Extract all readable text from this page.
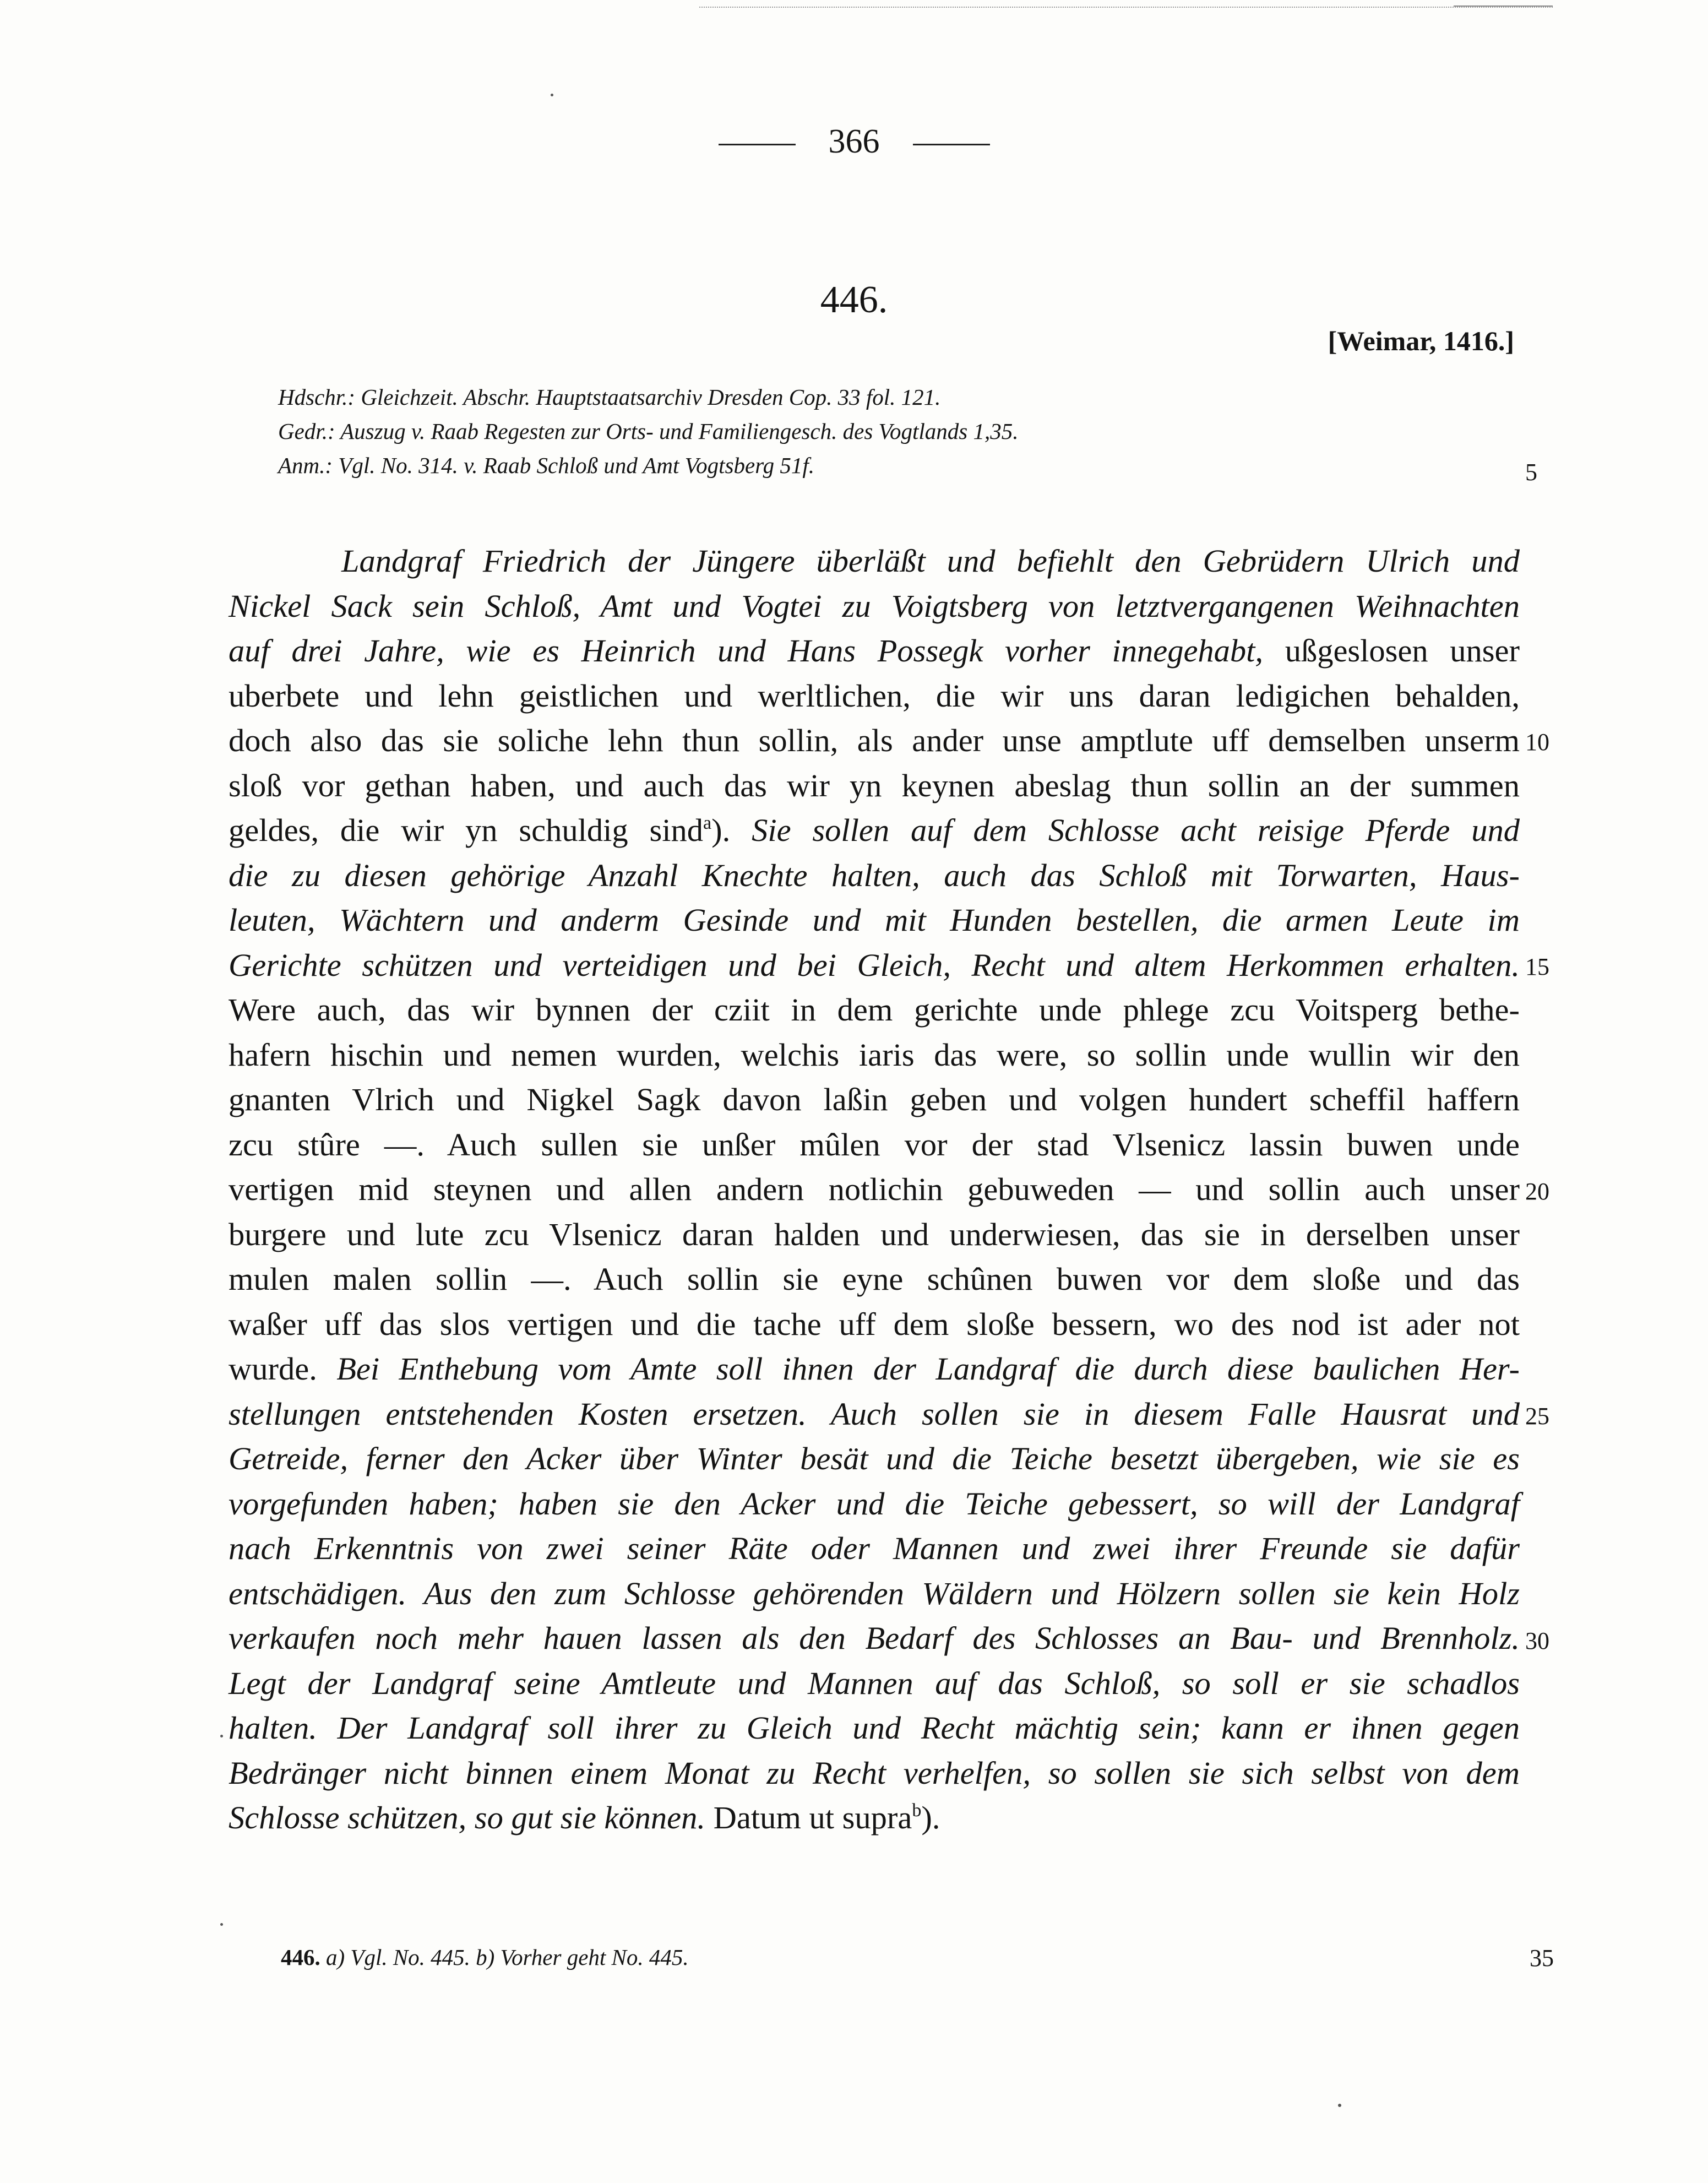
366
446.
[Weimar, 1416.]
Hdschr.: Gleichzeit. Abschr. Hauptstaatsarchiv Dresden Cop. 33 fol. 121.
Gedr.: Auszug v. Raab Regesten zur Orts- und Familiengesch. des Vogtlands 1,35.
Anm.: Vgl. No. 314. v. Raab Schloß und Amt Vogtsberg 51f.
Landgraf Friedrich der Jüngere überläßt und befiehlt den Gebrüdern Ulrich und
Nickel Sack sein Schloß, Amt und Vogtei zu Voigtsberg von letztvergangenen Weihnachten
auf drei Jahre, wie es Heinrich und Hans Possegk vorher innegehabt, ußgeslosen unser
uberbete und lehn geistlichen und werltlichen, die wir uns daran ledigichen behalden,
doch also das sie soliche lehn thun sollin, als ander unse amptlute uff demselben unserm
sloß vor gethan haben, und auch das wir yn keynen abeslag thun sollin an der summen
geldes, die wir yn schuldig sind$^a$). Sie sollen auf dem Schlosse acht reisige Pferde und
die zu diesen gehörige Anzahl Knechte halten, auch das Schloß mit Torwarten, Haus-
leuten, Wächtern und anderm Gesinde und mit Hunden bestellen, die armen Leute im
Gerichte schützen und verteidigen und bei Gleich, Recht und altem Herkommen erhalten.
Were auch, das wir bynnen der cziit in dem gerichte unde phlege zcu Voitsperg bethe-
hafern hischin und nemen wurden, welchis iaris das were, so sollin unde wullin wir den
gnanten Vlrich und Nigkel Sagk davon laßin geben und volgen hundert scheffil haffern
zcu stûre —. Auch sullen sie unßer mûlen vor der stad Vlsenicz lassin buwen unde
vertigen mid steynen und allen andern notlichin gebuweden — und sollin auch unser
burgere und lute zcu Vlsenicz daran halden und underwiesen, das sie in derselben unser
mulen malen sollin —. Auch sollin sie eyne schûnen buwen vor dem sloße und das
waßer uff das slos vertigen und die tache uff dem sloße bessern, wo des nod ist ader not
wurde. Bei Enthebung vom Amte soll ihnen der Landgraf die durch diese baulichen Her-
stellungen entstehenden Kosten ersetzen. Auch sollen sie in diesem Falle Hausrat und
Getreide, ferner den Acker über Winter besät und die Teiche besetzt übergeben, wie sie es
vorgefunden haben; haben sie den Acker und die Teiche gebessert, so will der Landgraf
nach Erkenntnis von zwei seiner Räte oder Mannen und zwei ihrer Freunde sie dafür
entschädigen. Aus den zum Schlosse gehörenden Wäldern und Hölzern sollen sie kein Holz
verkaufen noch mehr hauen lassen als den Bedarf des Schlosses an Bau- und Brennholz.
Legt der Landgraf seine Amtleute und Mannen auf das Schloß, so soll er sie schadlos
halten. Der Landgraf soll ihrer zu Gleich und Recht mächtig sein; kann er ihnen gegen
Bedränger nicht binnen einem Monat zu Recht verhelfen, so sollen sie sich selbst von dem
Schlosse schützen, so gut sie können. Datum ut supra$^b$).
5
10
15
20
25
30
446. a) Vgl. No. 445. b) Vorher geht No. 445.	35
